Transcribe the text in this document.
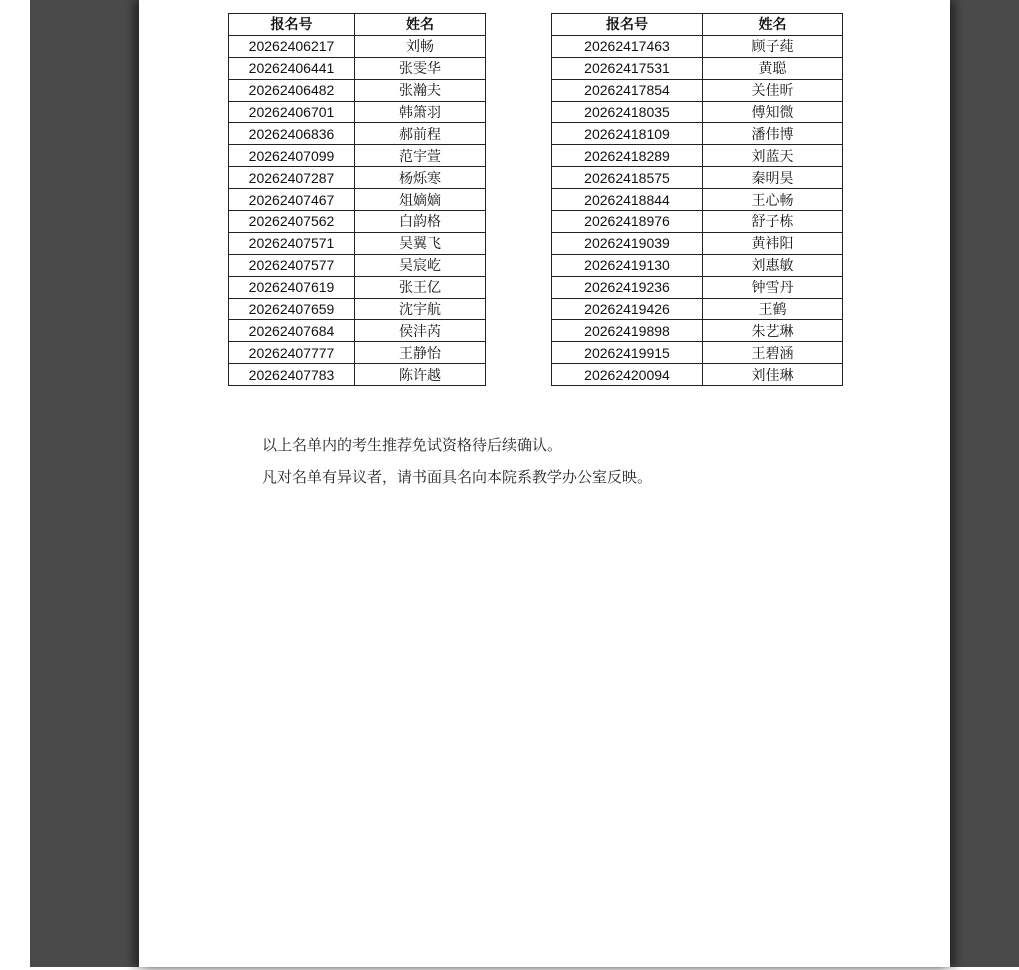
报名号	姓名
20262406217	刘畅
20262406441	张雯华
20262406482	张瀚夫
20262406701	韩箫羽
20262406836	郝前程
20262407099	范宇萱
20262407287	杨烁寒
20262407467	俎嫡嫡
20262407562	白韵格
20262407571	吴翼飞
20262407577	吴宸屹
20262407619	张王亿
20262407659	沈宇航
20262407684	侯沣芮
20262407777	王静怡
20262407783	陈许越
报名号	姓名
20262417463	顾子莼
20262417531	黄聪
20262417854	关佳昕
20262418035	傅知微
20262418109	潘伟博
20262418289	刘蓝天
20262418575	秦明昊
20262418844	王心畅
20262418976	舒子栋
20262419039	黄袆阳
20262419130	刘惠敏
20262419236	钟雪丹
20262419426	王鹤
20262419898	朱艺琳
20262419915	王碧涵
20262420094	刘佳琳

以上名单内的考生推荐免试资格待后续确认。

凡对名单有异议者，请书面具名向本院系教学办公室反映。
